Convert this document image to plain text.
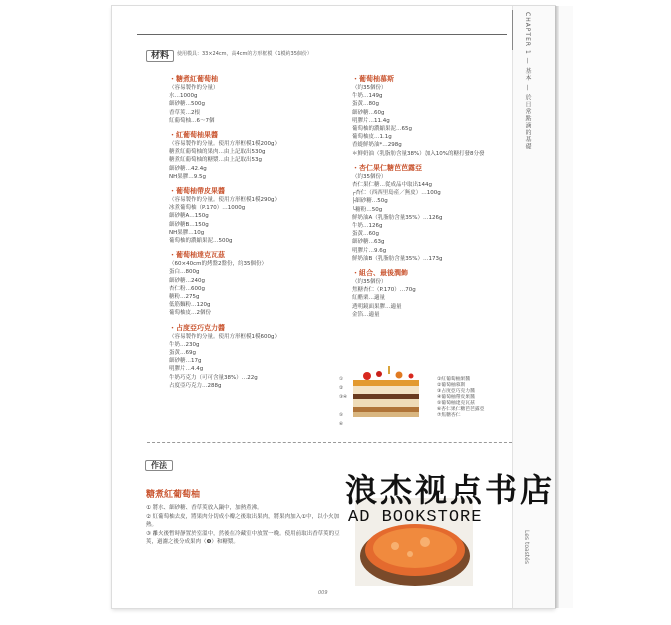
CHAPTER 1 — 基本 — 於日常點滴的基礎
Les toastés
材料	使用模具：33×24cm，高4cm的方形框模（1模約35個份）
・糖煮紅葡萄柚
（容易製作的分量）
水…1000g
細砂糖…500g
香草莢…2根
紅葡萄柚…6～7個
・紅葡萄柚果醬
（容易製作的分量。使用方形框模1模200g）
糖煮紅葡萄柚的果肉…由上記取出530g
糖煮紅葡萄柚的糖漿…由上記取出53g
細砂糖…42.4g
NH果膠…9.5g
・葡萄柚帶皮果醬
（容易製作的分量。使用方形框模1模290g）
冰煮葡萄柚（P.170）…1000g
細砂糖A…150g
細砂糖B…150g
NH果膠…10g
葡萄柚的濃縮果泥…500g
・葡萄柚達克瓦茲
（60×40cm的烤盤2盤份，約35個份）
蛋白…800g
細砂糖…240g
杏仁粉…600g
糖粉…275g
低筋麵粉…120g
葡萄柚皮…2個份
・占度亞巧克力醬
（容易製作的分量。使用方形框模1模600g）
牛奶…230g
蛋黃…69g
細砂糖…17g
明膠片…4.4g
牛奶巧克力（可可含量38%）…22g
占度亞巧克力…288g
・葡萄柚慕斯
（約35個份）
牛奶…149g
蛋黃…80g
細砂糖…60g
明膠片…11.4g
葡萄柚的濃縮果泥…65g
葡萄柚皮…1.1g
香緹鮮奶油*…298g
＊鮮奶油（乳脂肪含量38%）加入10%的糖打發8分發
・杏仁果仁糖芭芭露亞
（約35個份）
杏仁果仁糖…從成品中取出144g
┌杏仁（西西里島產／無皮）…100g
├細砂糖…50g
└糖粉…50g
鮮奶油A（乳脂肪含量35%）…126g
牛奶…126g
蛋黃…60g
細砂糖…63g
明膠片…9.6g
鮮奶油B（乳脂肪含量35%）…173g
・組合、最後潤飾
（約35個份）
焦糖杏仁（P.170）…70g
紅醋栗…適量
透明鏡面果膠…適量
金箔…適量
①
②
③④

⑤
⑥
①紅葡萄柚果醬
②葡萄柚慕斯
③占度亞巧克力醬
④葡萄柚帶皮果醬
⑤葡萄柚達克瓦茲
⑥杏仁果仁糖芭芭露亞
⑦焦糖杏仁
作法
糖煮紅葡萄柚

① 將水、細砂糖、香草莢放入鍋中，加熱煮沸。

② 紅葡萄柚去皮，將果肉分切成小瓣之後取出果肉，將果肉加入①中，以小火加熱。

③ 離火後暫時靜置於室溫中，然後在冷藏室中放置一晚。使用前取出香草莢的豆莢，過濾之後分成果肉（❹）和糖漿。

009
浪杰视点书店
AD BOOKSTORE
